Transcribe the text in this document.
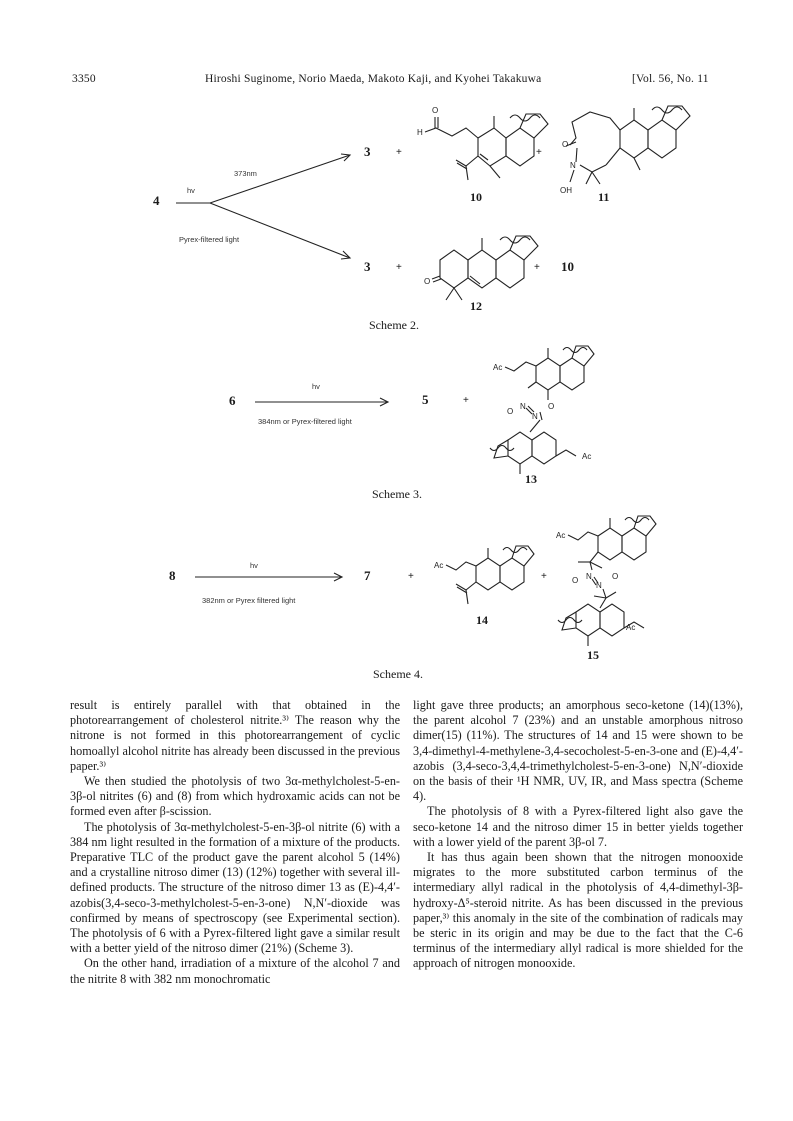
3350	Hiroshi Suginome, Norio Maeda, Makoto Kaji, and Kyohei Takakuwa	[Vol. 56, No. 11
4
hv
373nm
Pyrex-filtered light
3	+
O
H
10
+
O
N
OH 11
3	+
O
12
+ 10
Scheme 2.
6
hv
384nm or Pyrex-filtered light
5	+
Ac
N
N
O
O
Ac
13
Scheme 3.
8
hv
382nm or Pyrex filtered light
7	+
Ac
14
+
Ac
N
N
O	O
Ac
15
Scheme 4.

result is entirely parallel with that obtained in the photorearrangement of cholesterol nitrite.³⁾ The reason why the nitrone is not formed in this photorearrangement of cyclic homoallyl alcohol nitrite has already been discussed in the previous paper.³⁾

We then studied the photolysis of two 3α-methylcholest-5-en-3β-ol nitrites (6) and (8) from which hydroxamic acids can not be formed even after β-scission.

The photolysis of 3α-methylcholest-5-en-3β-ol nitrite (6) with a 384 nm light resulted in the formation of a mixture of the products. Preparative TLC of the product gave the parent alcohol 5 (14%) and a crystalline nitroso dimer (13) (12%) together with several ill-defined products. The structure of the nitroso dimer 13 as (E)-4,4′-azobis(3,4-seco-3-methylcholest-5-en-3-one) N,N′-dioxide was confirmed by means of spectroscopy (see Experimental section). The photolysis of 6 with a Pyrex-filtered light gave a similar result with a better yield of the nitroso dimer (21%) (Scheme 3).

On the other hand, irradiation of a mixture of the alcohol 7 and the nitrite 8 with 382 nm monochromatic

light gave three products; an amorphous seco-ketone (14)(13%), the parent alcohol 7 (23%) and an unstable amorphous nitroso dimer(15) (11%). The structures of 14 and 15 were shown to be 3,4-dimethyl-4-methylene-3,4-secocholest-5-en-3-one and (E)-4,4′-azobis (3,4-seco-3,4,4-trimethylcholest-5-en-3-one) N,N′-dioxide on the basis of their ¹H NMR, UV, IR, and Mass spectra (Scheme 4).

The photolysis of 8 with a Pyrex-filtered light also gave the seco-ketone 14 and the nitroso dimer 15 in better yields together with a lower yield of the parent 3β-ol 7.

It has thus again been shown that the nitrogen monooxide migrates to the more substituted carbon terminus of the intermediary allyl radical in the photolysis of 4,4-dimethyl-3β-hydroxy-Δ⁵-steroid nitrite. As has been discussed in the previous paper,³⁾ this anomaly in the site of the combination of radicals may be steric in its origin and may be due to the fact that the C-6 terminus of the intermediary allyl radical is more shielded for the approach of nitrogen monooxide.
